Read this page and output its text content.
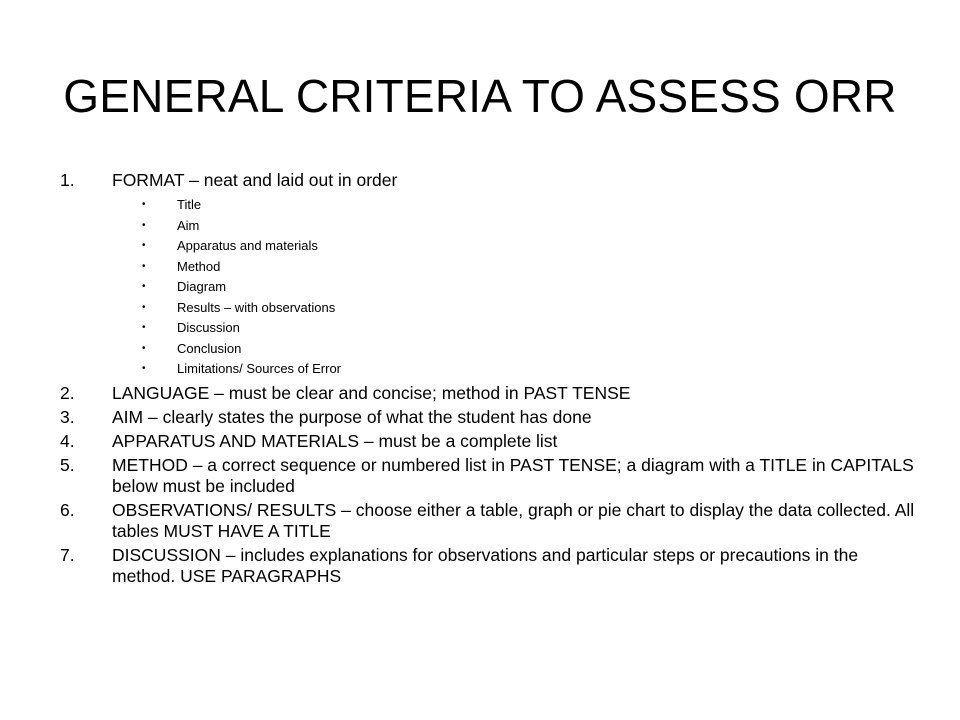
GENERAL CRITERIA TO ASSESS ORR
1.	FORMAT – neat and laid out in order
• Title
• Aim
• Apparatus and materials
• Method
• Diagram
• Results – with observations
• Discussion
• Conclusion
• Limitations/ Sources of Error
2.	LANGUAGE – must be clear and concise; method in PAST TENSE
3.	AIM – clearly states the purpose of what the student has done
4.	APPARATUS AND MATERIALS – must be a complete list
5.	METHOD – a correct sequence or numbered list in PAST TENSE; a diagram with a TITLE in CAPITALS below must be included
6.	OBSERVATIONS/ RESULTS – choose either a table, graph or pie chart to display the data collected. All tables MUST HAVE A TITLE
7.	DISCUSSION – includes explanations for observations and particular steps or precautions in the method. USE PARAGRAPHS
